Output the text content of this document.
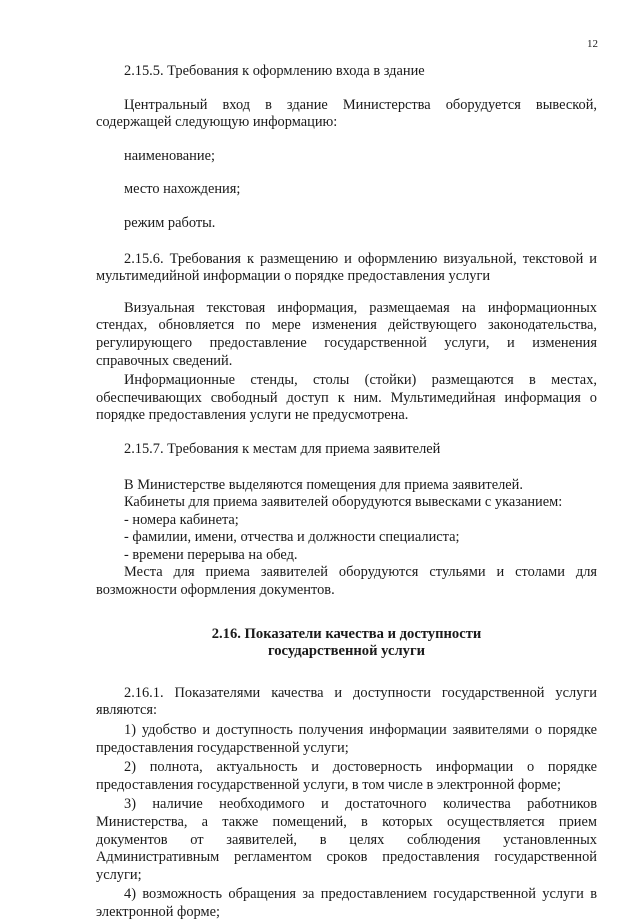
12

2.15.5. Требования к оформлению входа в здание

Центральный вход в здание Министерства оборудуется вывеской, содержащей следующую информацию:

наименование;

место нахождения;

режим работы.

2.15.6. Требования к размещению и оформлению визуальной, текстовой и мультимедийной информации о порядке предоставления услуги

Визуальная текстовая информация, размещаемая на информационных стендах, обновляется по мере изменения действующего законодательства, регулирующего предоставление государственной услуги, и изменения справочных сведений.

Информационные стенды, столы (стойки) размещаются в местах, обеспечивающих свободный доступ к ним. Мультимедийная информация о порядке предоставления услуги не предусмотрена.

2.15.7. Требования к местам для приема заявителей

В Министерстве выделяются помещения для приема заявителей.

Кабинеты для приема заявителей оборудуются вывесками с указанием:

- номера кабинета;

- фамилии, имени, отчества и должности специалиста;

- времени перерыва на обед.

Места для приема заявителей оборудуются стульями и столами для возможности оформления документов.

2.16. Показатели качества и доступности

государственной услуги

2.16.1. Показателями качества и доступности государственной услуги являются:

1) удобство и доступность получения информации заявителями о порядке предоставления государственной услуги;

2) полнота, актуальность и достоверность информации о порядке предоставления государственной услуги, в том числе в электронной форме;

3) наличие необходимого и достаточного количества работников Министерства, а также помещений, в которых осуществляется прием документов от заявителей, в целях соблюдения установленных Административным регламентом сроков предоставления государственной услуги;

4) возможность обращения за предоставлением государственной услуги в электронной форме;
